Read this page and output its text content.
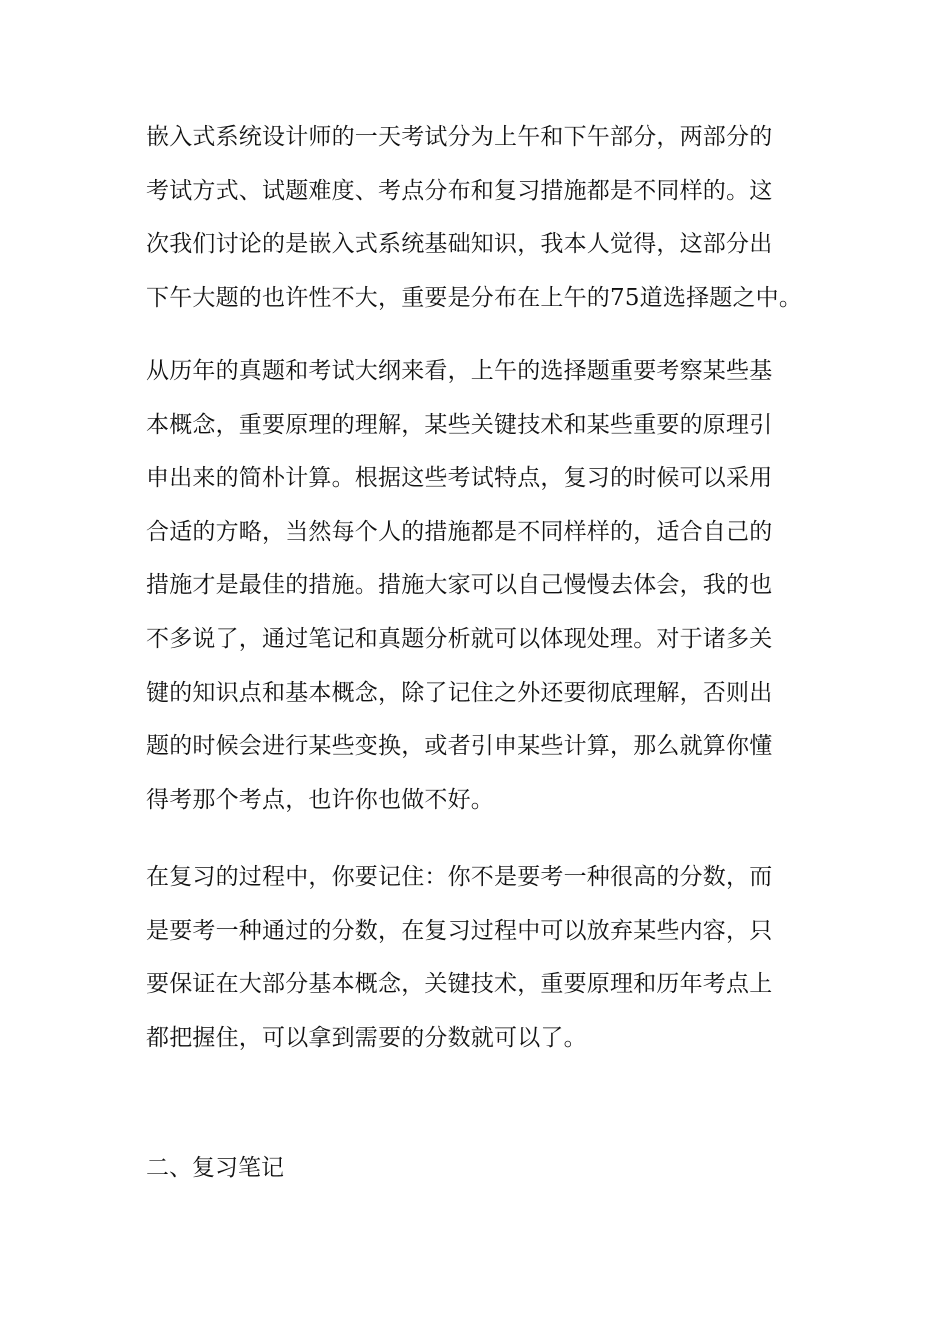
嵌入式系统设计师的一天考试分为上午和下午部分，两部分的
考试方式、试题难度、考点分布和复习措施都是不同样的。这
次我们讨论的是嵌入式系统基础知识，我本人觉得，这部分出
下午大题的也许性不大，重要是分布在上午的75道选择题之中。
从历年的真题和考试大纲来看，上午的选择题重要考察某些基
本概念，重要原理的理解，某些关键技术和某些重要的原理引
申出来的简朴计算。根据这些考试特点，复习的时候可以采用
合适的方略，当然每个人的措施都是不同样样的，适合自己的
措施才是最佳的措施。措施大家可以自己慢慢去体会，我的也
不多说了，通过笔记和真题分析就可以体现处理。对于诸多关
键的知识点和基本概念，除了记住之外还要彻底理解，否则出
题的时候会进行某些变换，或者引申某些计算，那么就算你懂
得考那个考点，也许你也做不好。
在复习的过程中，你要记住：你不是要考一种很高的分数，而
是要考一种通过的分数，在复习过程中可以放弃某些内容，只
要保证在大部分基本概念，关键技术，重要原理和历年考点上
都把握住，可以拿到需要的分数就可以了。
二、复习笔记
